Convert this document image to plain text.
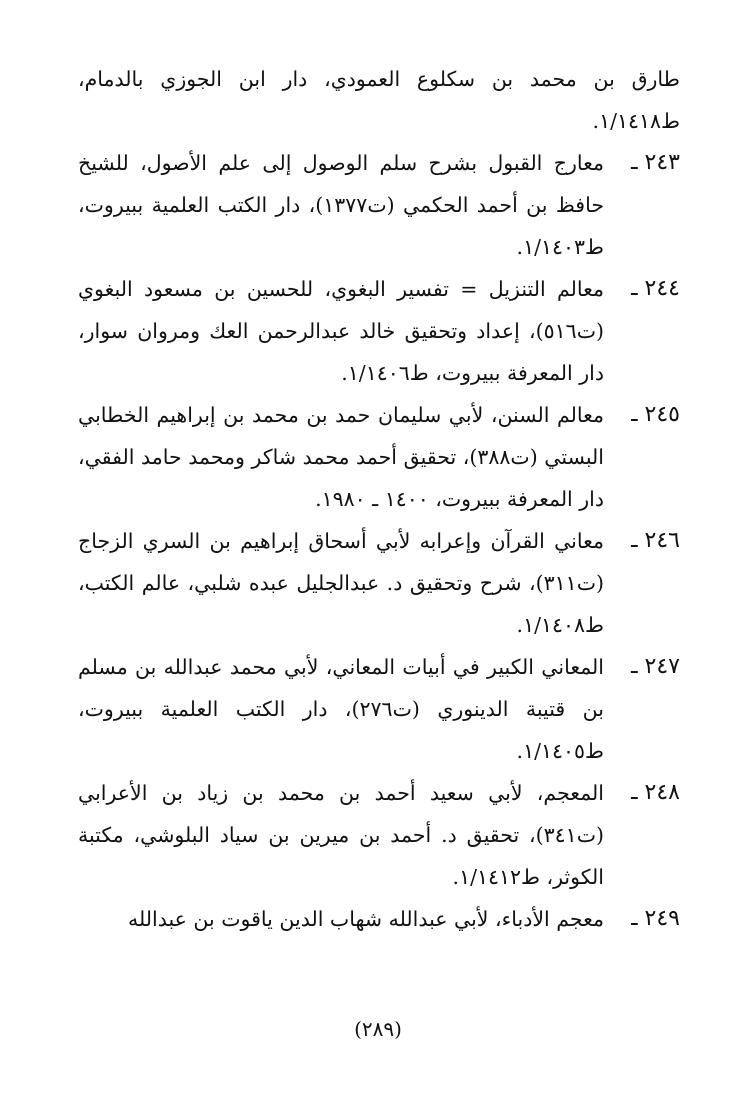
طارق بن محمد بن سكلوع العمودي، دار ابن الجوزي بالدمام، ط١/١٤١٨.
٢٤٣ ـ
معارج القبول بشرح سلم الوصول إلى علم الأصول، للشيخ حافظ بن أحمد الحكمي (ت١٣٧٧)، دار الكتب العلمية ببيروت، ط١/١٤٠٣.
٢٤٤ ـ
معالم التنزيل = تفسير البغوي، للحسين بن مسعود البغوي (ت٥١٦)، إعداد وتحقيق خالد عبدالرحمن العك ومروان سوار، دار المعرفة ببيروت، ط١/١٤٠٦.
٢٤٥ ـ
معالم السنن، لأبي سليمان حمد بن محمد بن إبراهيم الخطابي البستي (ت٣٨٨)، تحقيق أحمد محمد شاكر ومحمد حامد الفقي، دار المعرفة ببيروت، ١٤٠٠ ـ ١٩٨٠.
٢٤٦ ـ
معاني القرآن وإعرابه لأبي أسحاق إبراهيم بن السري الزجاج (ت٣١١)، شرح وتحقيق د. عبدالجليل عبده شلبي، عالم الكتب، ط١/١٤٠٨.
٢٤٧ ـ
المعاني الكبير في أبيات المعاني، لأبي محمد عبدالله بن مسلم بن قتيبة الدينوري (ت٢٧٦)، دار الكتب العلمية ببيروت، ط١/١٤٠٥.
٢٤٨ ـ
المعجم، لأبي سعيد أحمد بن محمد بن زياد بن الأعرابي (ت٣٤١)، تحقيق د. أحمد بن ميرين بن سياد البلوشي، مكتبة الكوثر، ط١/١٤١٢.
٢٤٩ ـ
معجم الأدباء، لأبي عبدالله شهاب الدين ياقوت بن عبدالله
(٢٨٩)
